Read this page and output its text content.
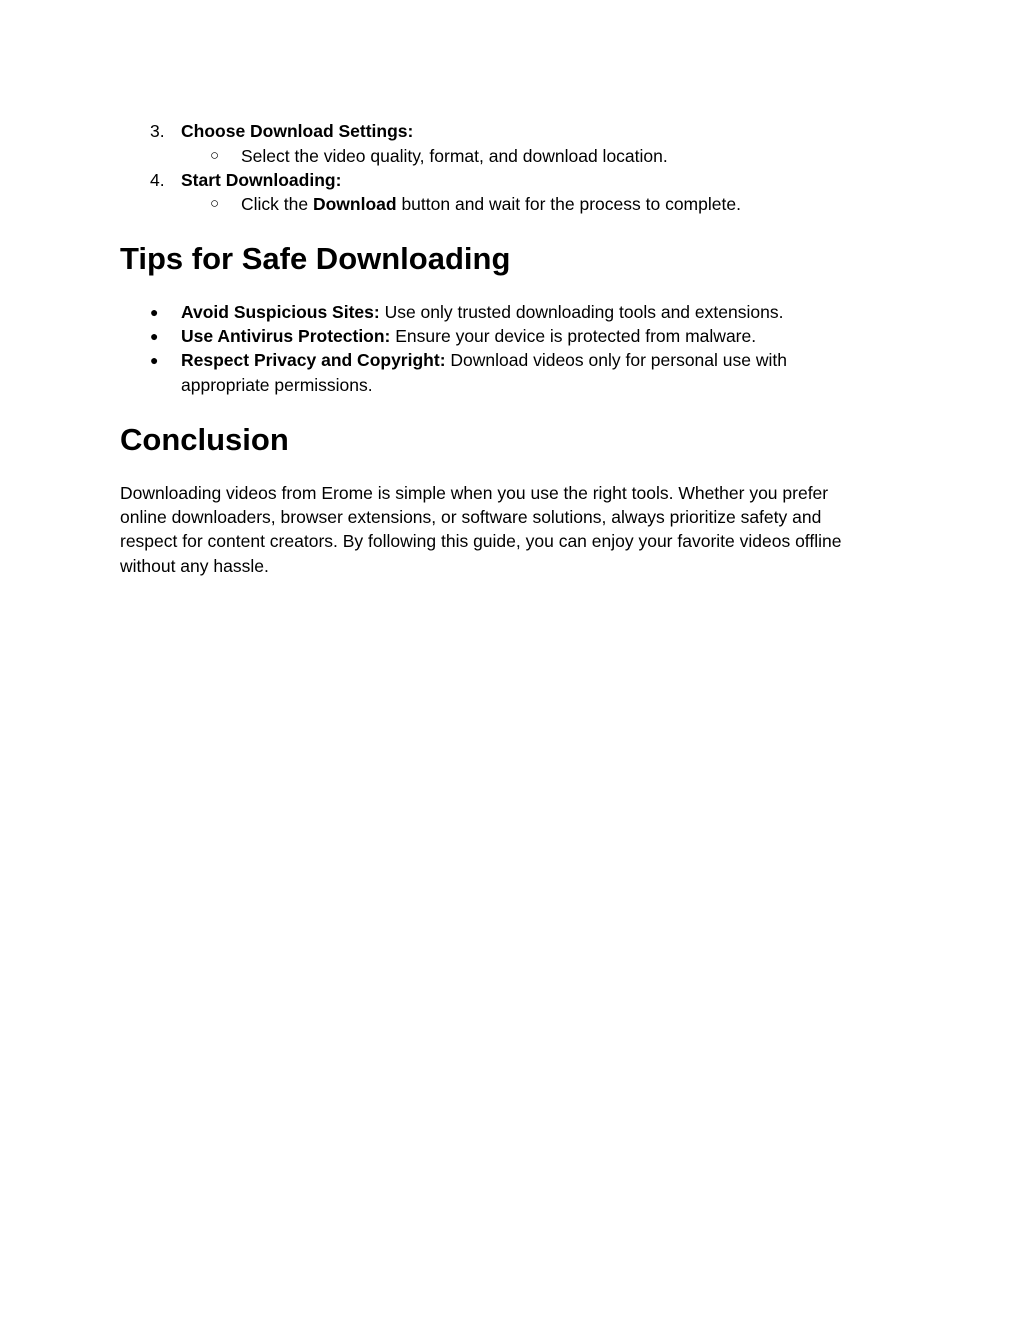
3. Choose Download Settings:
○ Select the video quality, format, and download location.
4. Start Downloading:
○ Click the Download button and wait for the process to complete.
Tips for Safe Downloading
● Avoid Suspicious Sites: Use only trusted downloading tools and extensions.
● Use Antivirus Protection: Ensure your device is protected from malware.
● Respect Privacy and Copyright: Download videos only for personal use with
appropriate permissions.
Conclusion
Downloading videos from Erome is simple when you use the right tools. Whether you prefer
online downloaders, browser extensions, or software solutions, always prioritize safety and
respect for content creators. By following this guide, you can enjoy your favorite videos offline
without any hassle.
